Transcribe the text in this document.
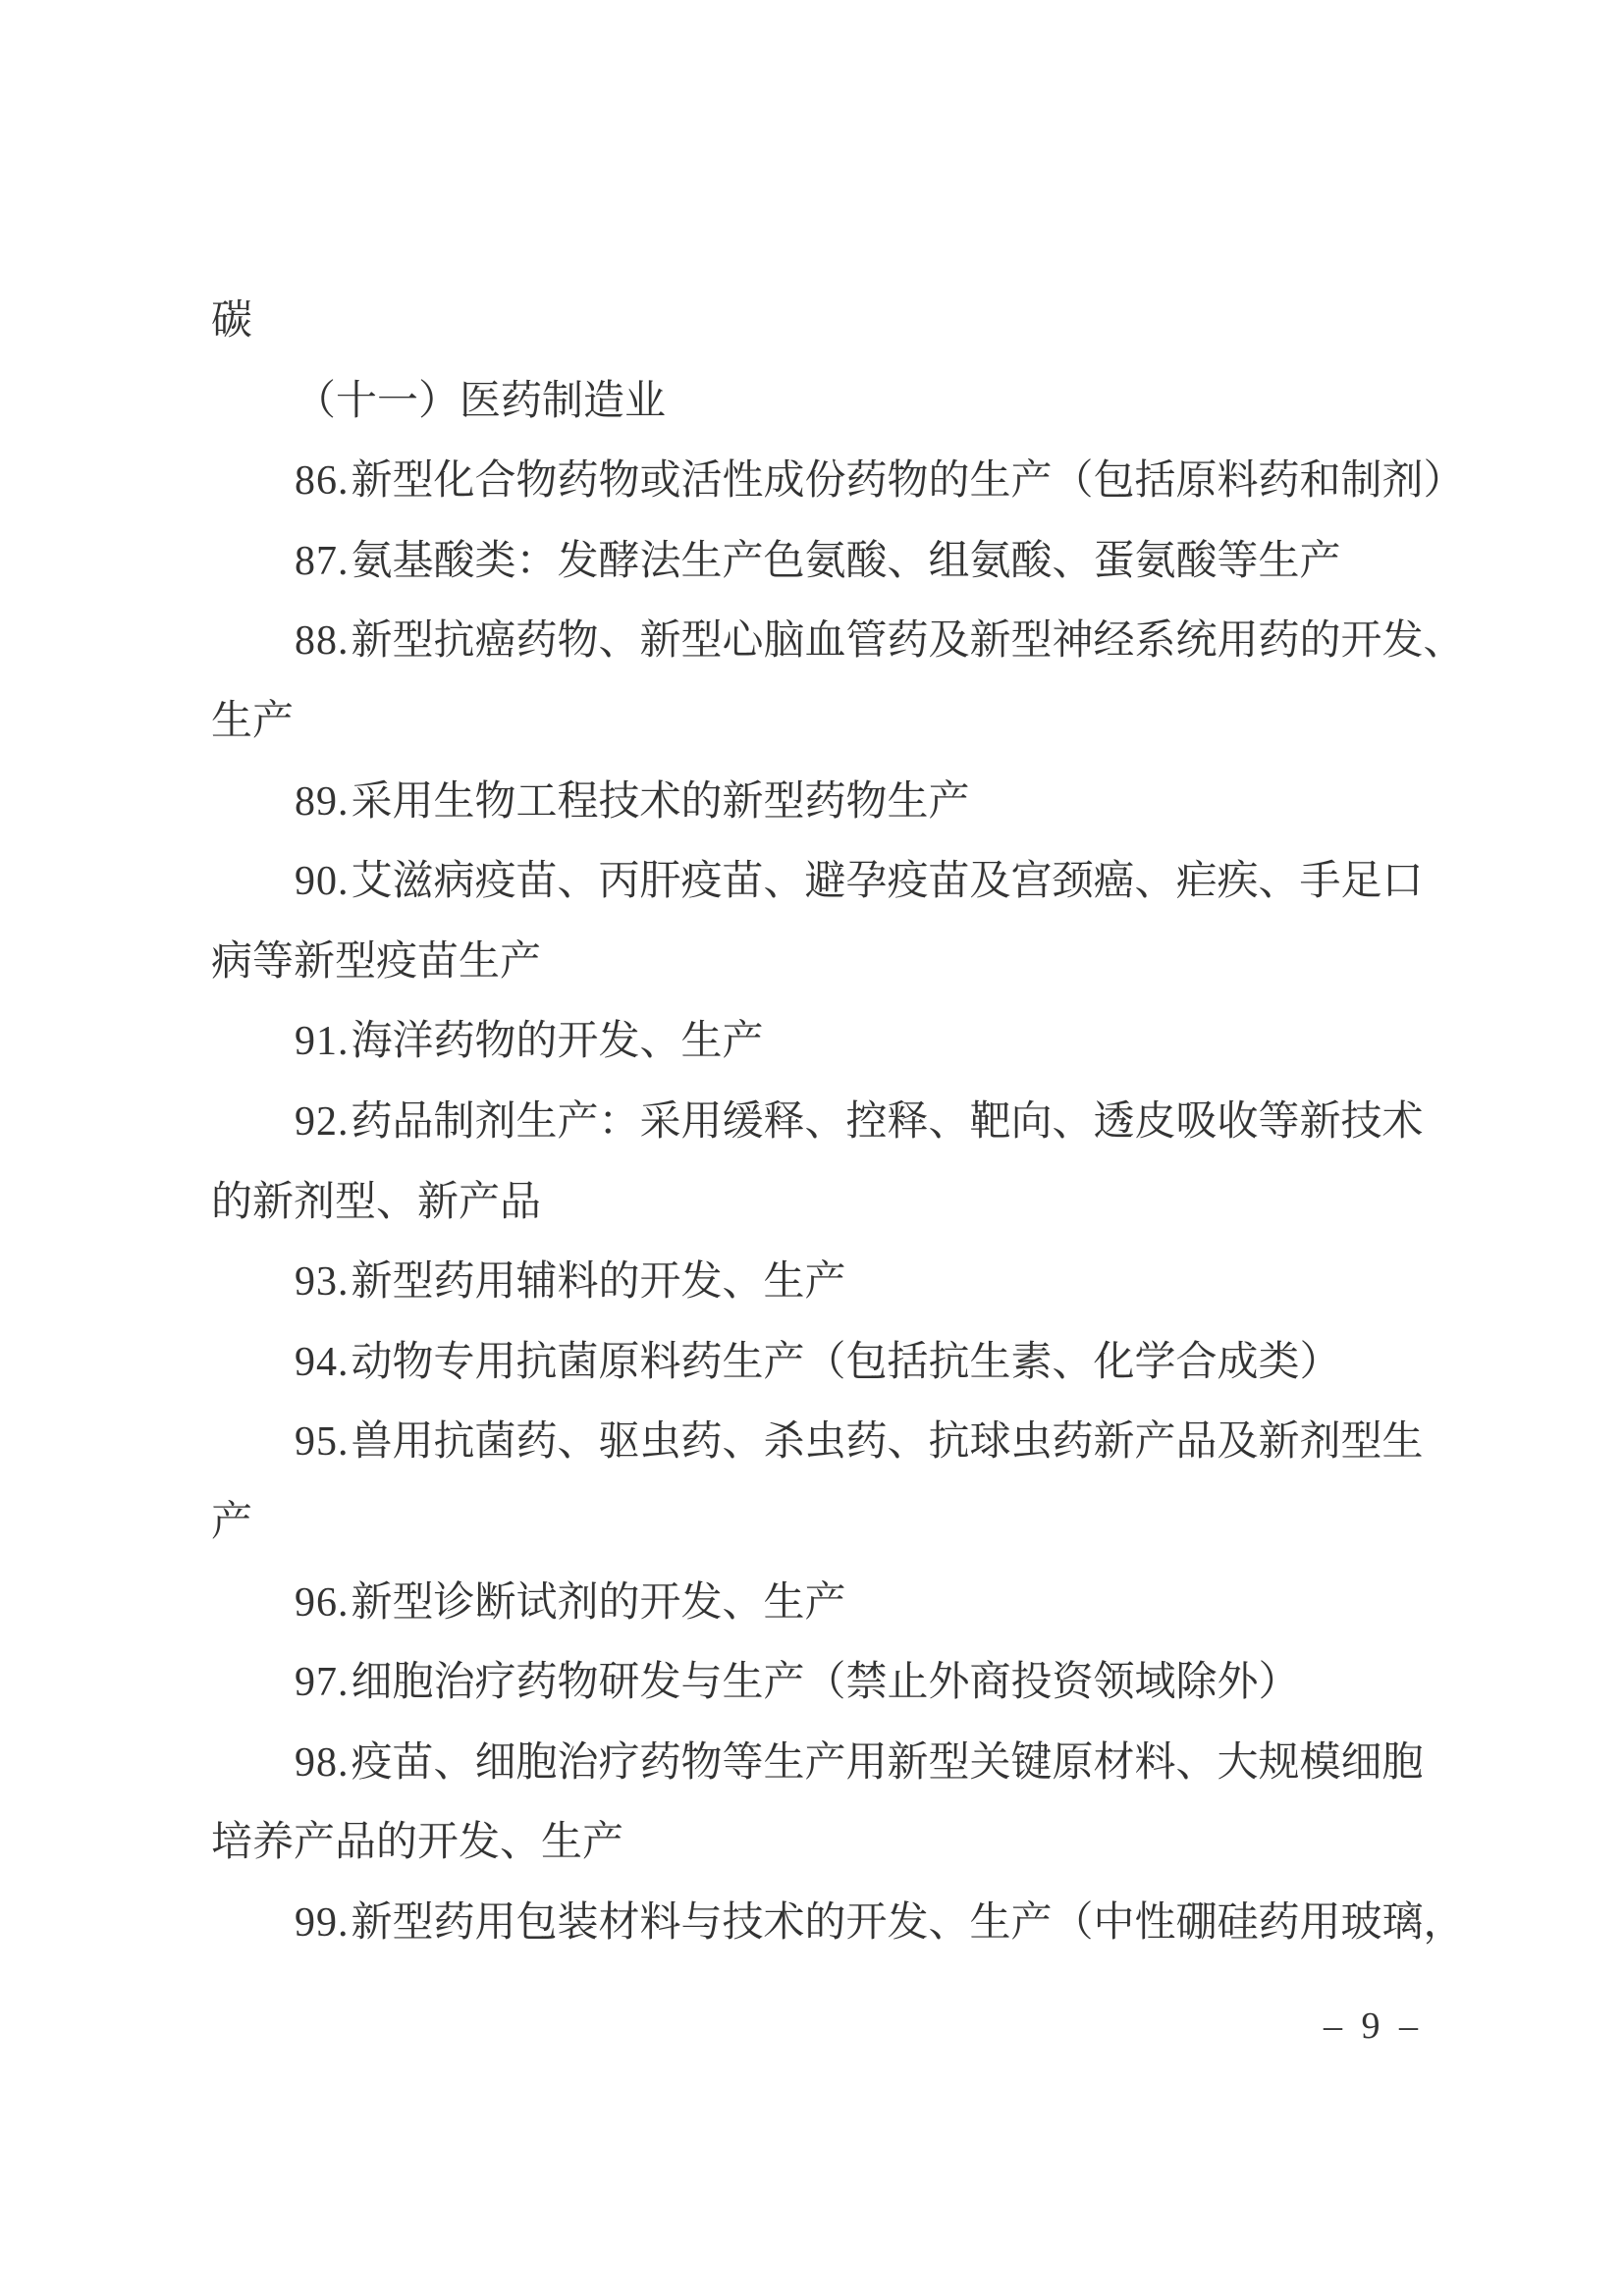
碳
（十一）医药制造业
86.新型化合物药物或活性成份药物的生产（包括原料药和制剂）
87.氨基酸类：发酵法生产色氨酸、组氨酸、蛋氨酸等生产
88.新型抗癌药物、新型心脑血管药及新型神经系统用药的开发、
生产
89.采用生物工程技术的新型药物生产
90.艾滋病疫苗、丙肝疫苗、避孕疫苗及宫颈癌、疟疾、手足口
病等新型疫苗生产
91.海洋药物的开发、生产
92.药品制剂生产：采用缓释、控释、靶向、透皮吸收等新技术
的新剂型、新产品
93.新型药用辅料的开发、生产
94.动物专用抗菌原料药生产（包括抗生素、化学合成类）
95.兽用抗菌药、驱虫药、杀虫药、抗球虫药新产品及新剂型生
产
96.新型诊断试剂的开发、生产
97.细胞治疗药物研发与生产（禁止外商投资领域除外）
98.疫苗、细胞治疗药物等生产用新型关键原材料、大规模细胞
培养产品的开发、生产
99.新型药用包装材料与技术的开发、生产（中性硼硅药用玻璃，
– 9 –
